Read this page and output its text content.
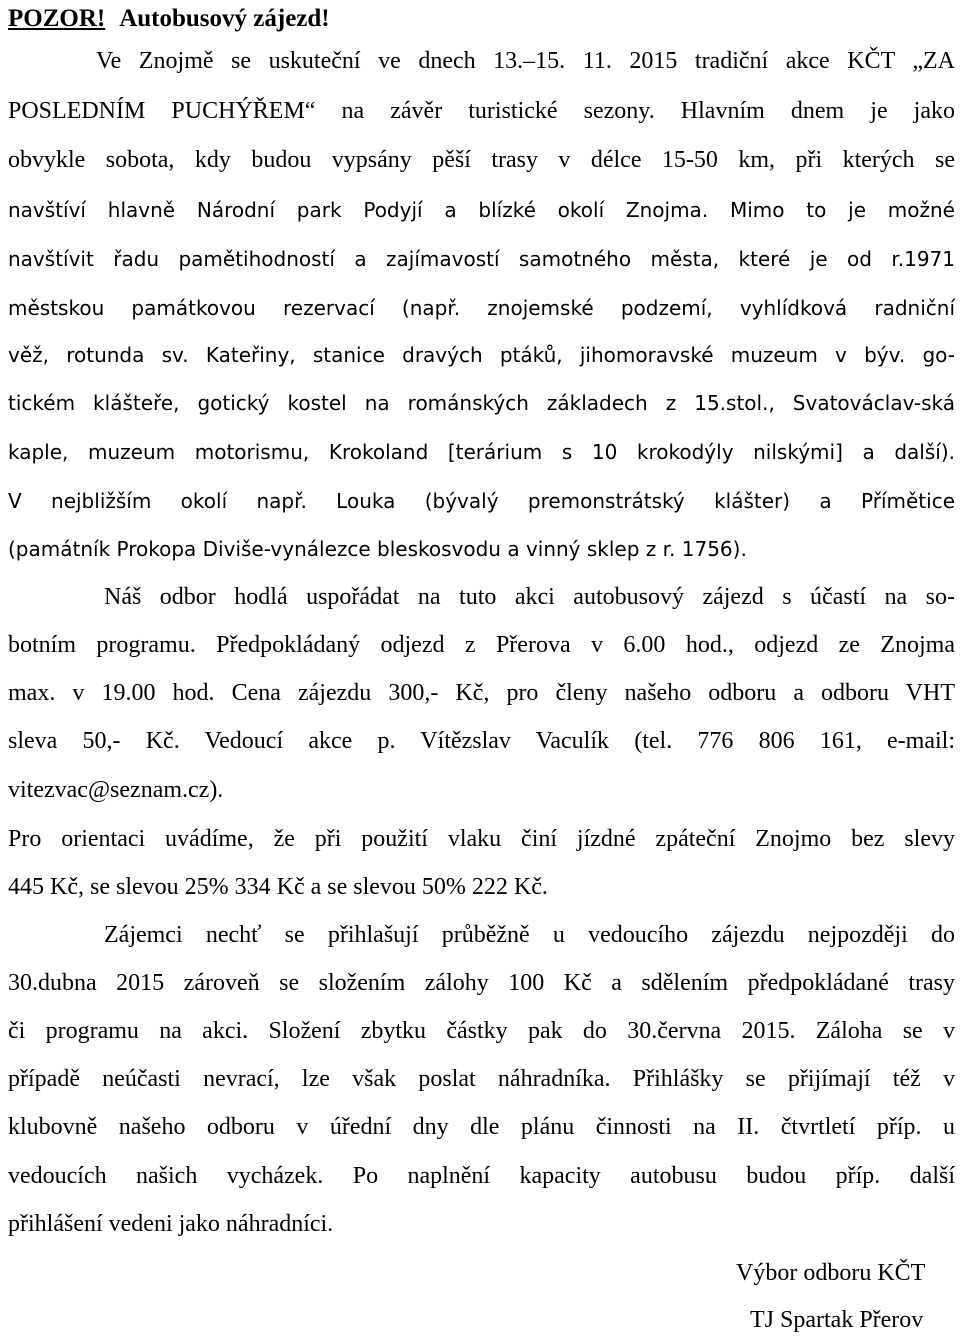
POZOR! Autobusový zájezd!
Ve Znojmě se uskuteční ve dnech 13.–15. 11. 2015 tradiční akce KČT „ZA
POSLEDNÍM PUCHÝŘEM“ na závěr turistické sezony. Hlavním dnem je jako
obvykle sobota, kdy budou vypsány pěší trasy v délce 15-50 km, při kterých se
navštíví hlavně Národní park Podyjí a blízké okolí Znojma. Mimo to je možné
navštívit řadu pamětihodností a zajímavostí samotného města, které je od r.1971
městskou památkovou rezervací (např. znojemské podzemí, vyhlídková radniční
věž, rotunda sv. Kateřiny, stanice dravých ptáků, jihomoravské muzeum v býv. go-
tickém klášteře, gotický kostel na románských základech z 15.stol., Svatováclav-ská
kaple, muzeum motorismu, Krokoland [terárium s 10 krokodýly nilskými] a další).
V nejbližším okolí např. Louka (bývalý premonstrátský klášter) a Přímětice
(památník Prokopa Diviše-vynálezce bleskosvodu a vinný sklep z r. 1756).
Náš odbor hodlá uspořádat na tuto akci autobusový zájezd s účastí na so-
botním programu. Předpokládaný odjezd z Přerova v 6.00 hod., odjezd ze Znojma
max. v 19.00 hod. Cena zájezdu 300,- Kč, pro členy našeho odboru a odboru VHT
sleva 50,- Kč. Vedoucí akce p. Vítězslav Vaculík (tel. 776 806 161, e-mail:
vitezvac@seznam.cz).
Pro orientaci uvádíme, že při použití vlaku činí jízdné zpáteční Znojmo bez slevy
445 Kč, se slevou 25% 334 Kč a se slevou 50% 222 Kč.
Zájemci nechť se přihlašují průběžně u vedoucího zájezdu nejpozději do
30.dubna 2015 zároveň se složením zálohy 100 Kč a sdělením předpokládané trasy
či programu na akci. Složení zbytku částky pak do 30.června 2015. Záloha se v
případě neúčasti nevrací, lze však poslat náhradníka. Přihlášky se přijímají též v
klubovně našeho odboru v úřední dny dle plánu činnosti na II. čtvrtletí příp. u
vedoucích našich vycházek. Po naplnění kapacity autobusu budou příp. další
přihlášení vedeni jako náhradníci.
Výbor odboru KČT
TJ Spartak Přerov
